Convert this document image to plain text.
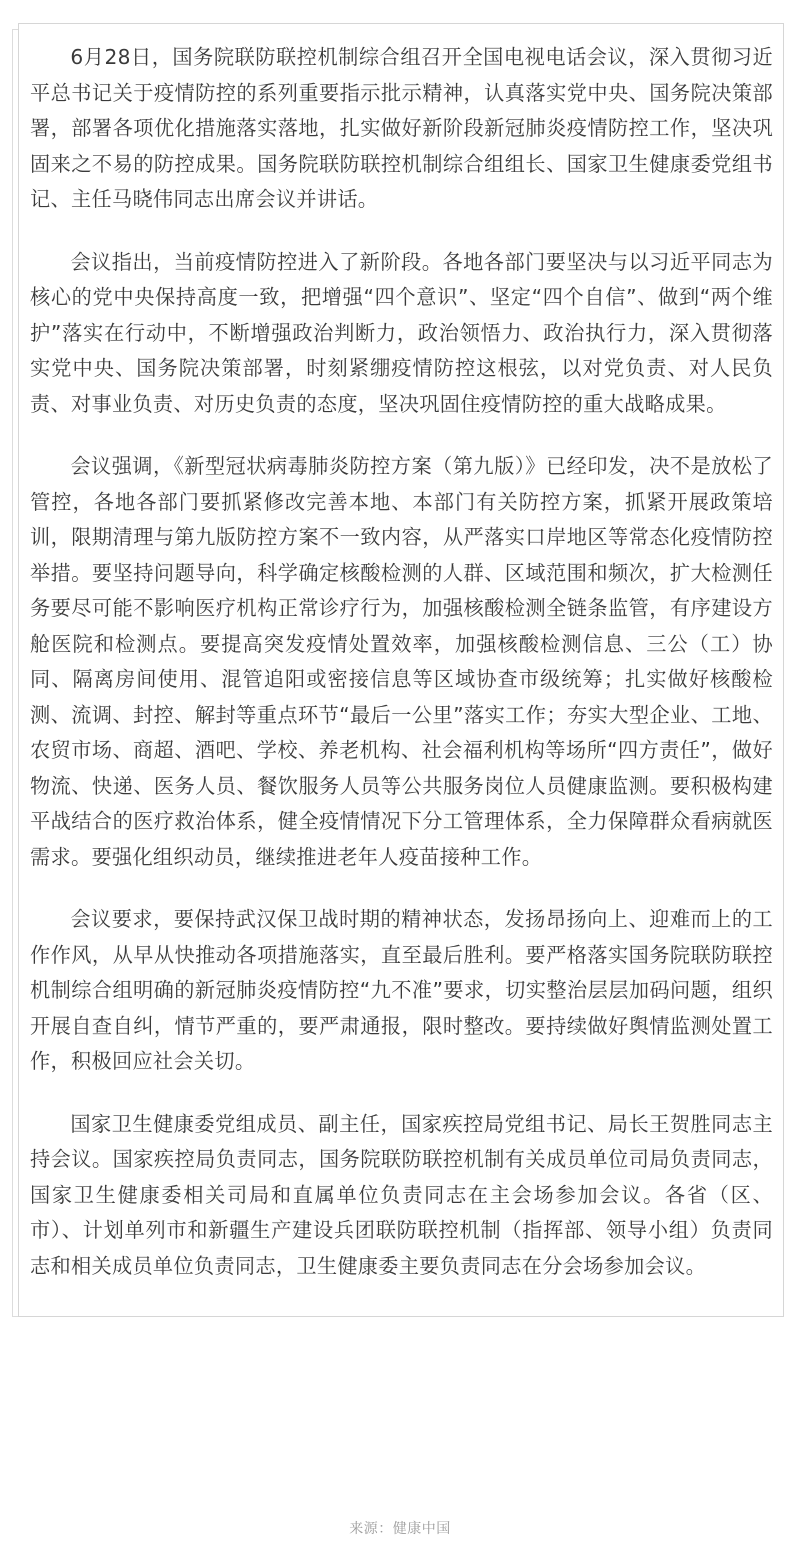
6月28日，国务院联防联控机制综合组召开全国电视电话会议，深入贯彻习近平总书记关于疫情防控的系列重要指示批示精神，认真落实党中央、国务院决策部署，部署各项优化措施落实落地，扎实做好新阶段新冠肺炎疫情防控工作，坚决巩固来之不易的防控成果。国务院联防联控机制综合组组长、国家卫生健康委党组书记、主任马晓伟同志出席会议并讲话。

会议指出，当前疫情防控进入了新阶段。各地各部门要坚决与以习近平同志为核心的党中央保持高度一致，把增强“四个意识”、坚定“四个自信”、做到“两个维护”落实在行动中，不断增强政治判断力，政治领悟力、政治执行力，深入贯彻落实党中央、国务院决策部署，时刻紧绷疫情防控这根弦，以对党负责、对人民负责、对事业负责、对历史负责的态度，坚决巩固住疫情防控的重大战略成果。

会议强调，《新型冠状病毒肺炎防控方案（第九版）》已经印发，决不是放松了管控，各地各部门要抓紧修改完善本地、本部门有关防控方案，抓紧开展政策培训，限期清理与第九版防控方案不一致内容，从严落实口岸地区等常态化疫情防控举措。要坚持问题导向，科学确定核酸检测的人群、区域范围和频次，扩大检测任务要尽可能不影响医疗机构正常诊疗行为，加强核酸检测全链条监管，有序建设方舱医院和检测点。要提高突发疫情处置效率，加强核酸检测信息、三公（工）协同、隔离房间使用、混管追阳或密接信息等区域协查市级统筹；扎实做好核酸检测、流调、封控、解封等重点环节“最后一公里”落实工作；夯实大型企业、工地、农贸市场、商超、酒吧、学校、养老机构、社会福利机构等场所“四方责任”，做好物流、快递、医务人员、餐饮服务人员等公共服务岗位人员健康监测。要积极构建平战结合的医疗救治体系，健全疫情情况下分工管理体系，全力保障群众看病就医需求。要强化组织动员，继续推进老年人疫苗接种工作。

会议要求，要保持武汉保卫战时期的精神状态，发扬昂扬向上、迎难而上的工作作风，从早从快推动各项措施落实，直至最后胜利。要严格落实国务院联防联控机制综合组明确的新冠肺炎疫情防控“九不准”要求，切实整治层层加码问题，组织开展自查自纠，情节严重的，要严肃通报，限时整改。要持续做好舆情监测处置工作，积极回应社会关切。

国家卫生健康委党组成员、副主任，国家疾控局党组书记、局长王贺胜同志主持会议。国家疾控局负责同志，国务院联防联控机制有关成员单位司局负责同志，国家卫生健康委相关司局和直属单位负责同志在主会场参加会议。各省（区、市）、计划单列市和新疆生产建设兵团联防联控机制（指挥部、领导小组）负责同志和相关成员单位负责同志，卫生健康委主要负责同志在分会场参加会议。

来源：健康中国
